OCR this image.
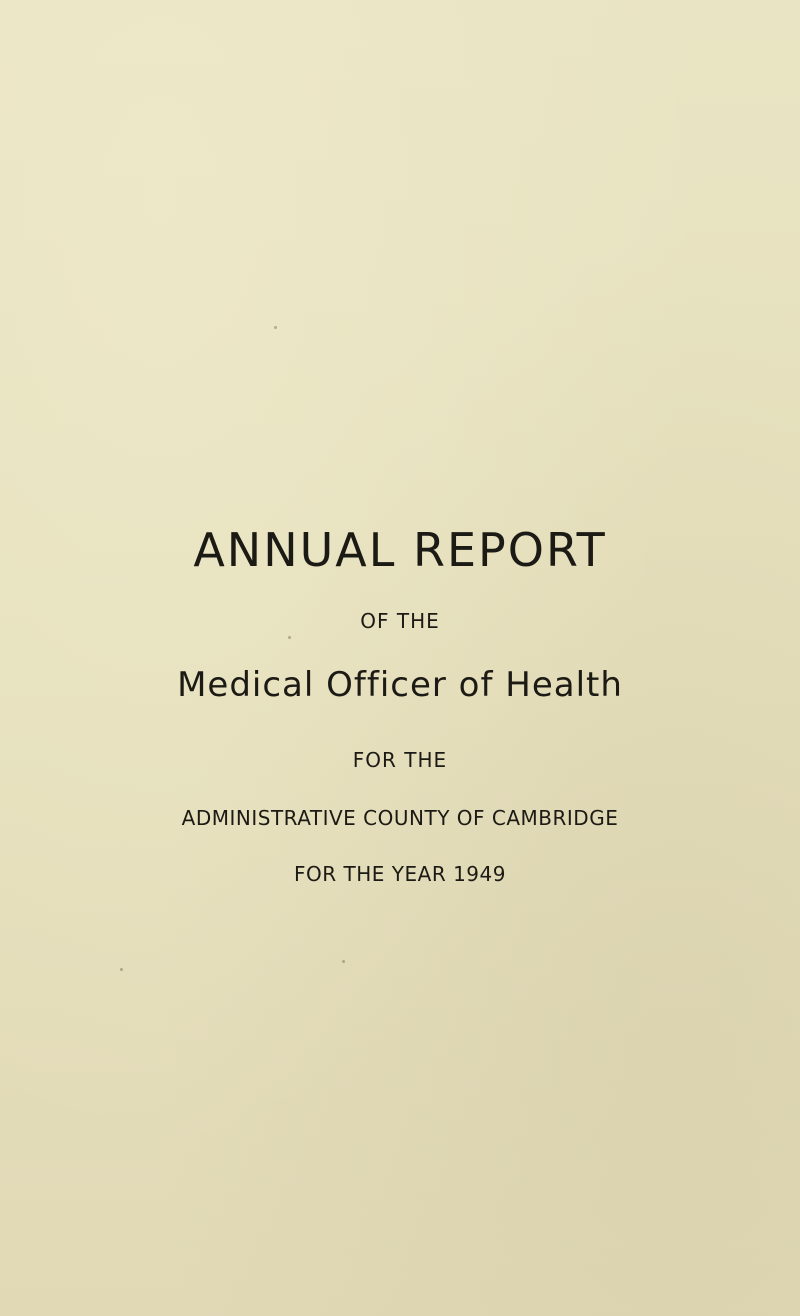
ANNUAL REPORT
OF THE
Medical Officer of Health
FOR THE
ADMINISTRATIVE COUNTY OF CAMBRIDGE
FOR THE YEAR 1949
